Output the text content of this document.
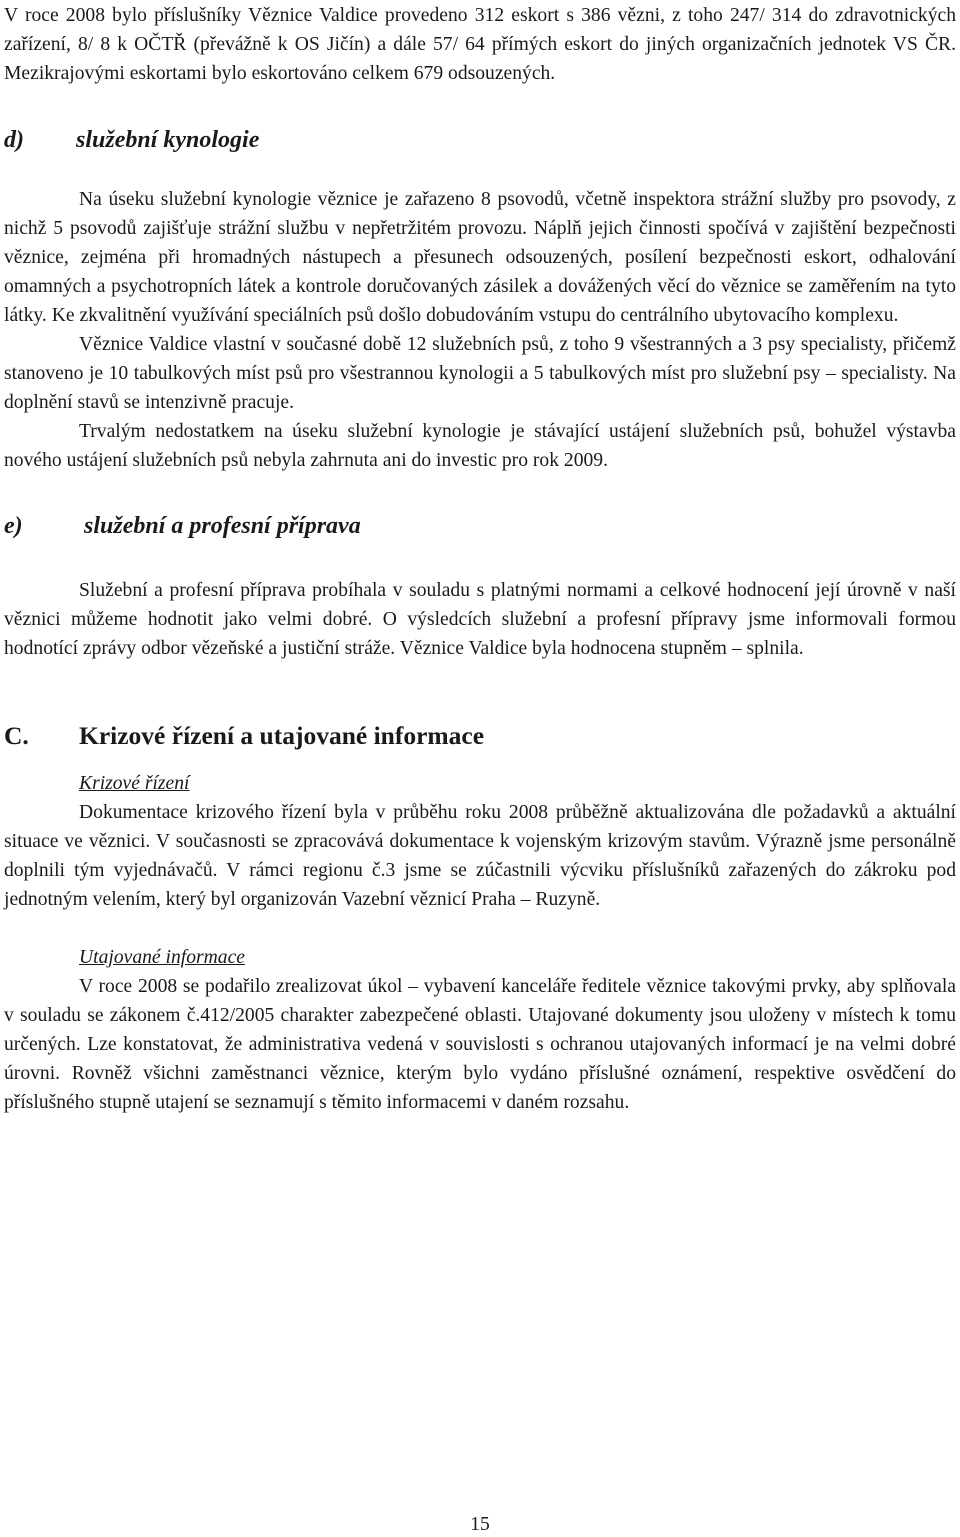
V roce 2008 bylo příslušníky Věznice Valdice provedeno 312 eskort s 386 vězni, z toho 247/ 314 do zdravotnických zařízení, 8/ 8 k OČTŘ (převážně k OS Jičín) a dále 57/ 64 přímých eskort do jiných organizačních jednotek VS ČR. Mezikrajovými eskortami bylo eskortováno celkem 679 odsouzených.

d)	služební kynologie

Na úseku služební kynologie věznice je zařazeno 8 psovodů, včetně inspektora strážní služby pro psovody, z nichž 5 psovodů zajišťuje strážní službu v nepřetržitém provozu. Náplň jejich činnosti spočívá v zajištění bezpečnosti věznice, zejména při hromadných nástupech a přesunech odsouzených, posílení bezpečnosti eskort, odhalování omamných a psychotropních látek a kontrole doručovaných zásilek a dovážených věcí do věznice se zaměřením na tyto látky. Ke zkvalitnění využívání speciálních psů došlo dobudováním vstupu do centrálního ubytovacího komplexu.

Věznice Valdice vlastní v současné době 12 služebních psů, z toho 9 všestranných a 3 psy specialisty, přičemž stanoveno je 10 tabulkových míst psů pro všestrannou kynologii a 5 tabulkových míst pro služební psy – specialisty. Na doplnění stavů se intenzivně pracuje.

Trvalým nedostatkem na úseku služební kynologie je stávající ustájení služebních psů, bohužel výstavba nového ustájení služebních psů nebyla zahrnuta ani do investic pro rok 2009.

e)	služební a profesní příprava

Služební a profesní příprava probíhala v souladu s platnými normami a celkové hodnocení její úrovně v naší věznici můžeme hodnotit jako velmi dobré. O výsledcích služební a profesní přípravy jsme informovali formou hodnotící zprávy odbor vězeňské a justiční stráže. Věznice Valdice byla hodnocena stupněm – splnila.

C.	Krizové řízení a utajované informace
Krizové řízení

Dokumentace krizového řízení byla v průběhu roku 2008 průběžně aktualizována dle požadavků a aktuální situace ve věznici. V současnosti se zpracovává dokumentace k vojenským krizovým stavům. Výrazně jsme personálně doplnili tým vyjednávačů. V rámci regionu č.3 jsme se zúčastnili výcviku příslušníků zařazených do zákroku pod jednotným velením, který byl organizován Vazební věznicí Praha – Ruzyně.

Utajované informace

V roce 2008 se podařilo zrealizovat úkol – vybavení kanceláře ředitele věznice takovými prvky, aby splňovala v souladu se zákonem č.412/2005 charakter zabezpečené oblasti. Utajované dokumenty jsou uloženy v místech k tomu určených. Lze konstatovat, že administrativa vedená v souvislosti s ochranou utajovaných informací je na velmi dobré úrovni. Rovněž všichni zaměstnanci věznice, kterým bylo vydáno příslušné oznámení, respektive osvědčení do příslušného stupně utajení se seznamují s těmito informacemi v daném rozsahu.

15
